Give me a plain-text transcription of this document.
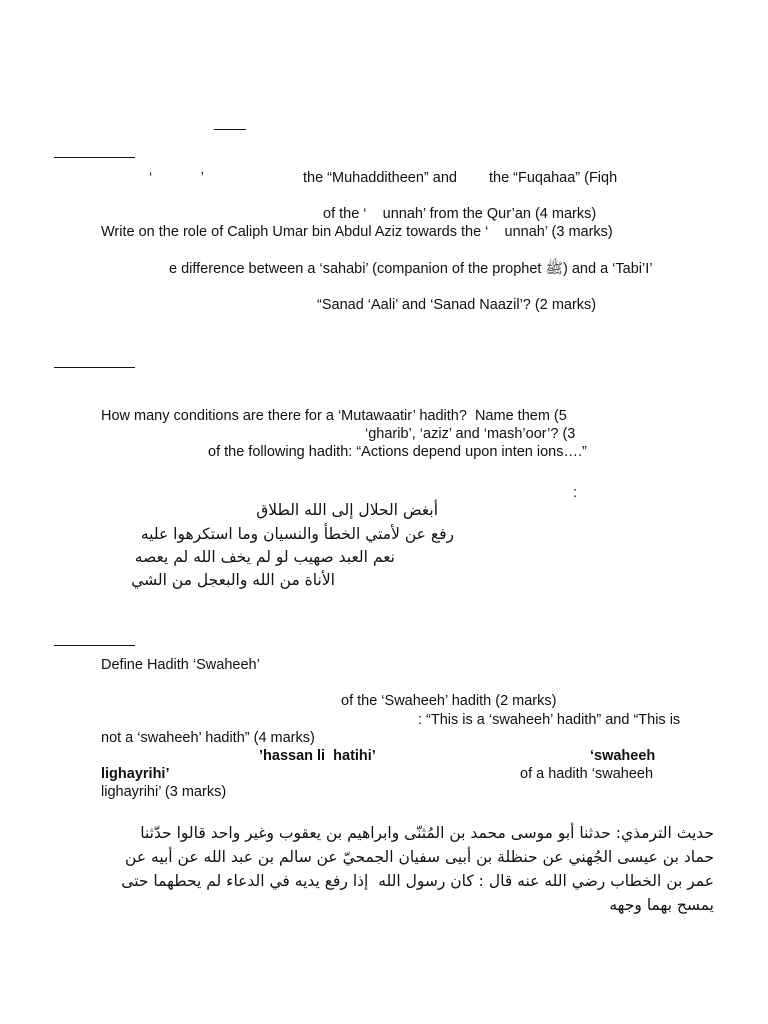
‘            ’	the “Muhadditheen” and the “Fuqahaa” (Fiqh
of the ‘    unnah’ from the Qur’an (4 marks)
Write on the role of Caliph Umar bin Abdul Aziz towards the ‘    unnah’ (3 marks)
e difference between a ‘sahabi’ (companion of the prophet ﷺ) and a ‘Tabi’I’
“Sanad ‘Aali’ and ‘Sanad Naazil’? (2 marks)
How many conditions are there for a ‘Mutawaatir’ hadith?  Name them (5
‘gharib’, ‘aziz’ and ‘mash’oor’? (3
of the following hadith: “Actions depend upon inten ions….”
:
أبغض الحلال إلى الله الطلاق
رفع عن لأمتي الخطأ والنسيان وما استكرهوا عليه
نعم العبد صهيب لو لم يخف الله لم يعصه
الأناة من الله والبعجل من الشي
Define Hadith ‘Swaheeh’
of the ‘Swaheeh’ hadith (2 marks)
: “This is a ‘swaheeh’ hadith” and “This is
not a ‘swaheeh’ hadith” (4 marks)
’hassan li  hatihi’	‘swaheeh
lighayrihi’	of a hadith ‘swaheeh
lighayrihi’ (3 marks)
حديث الترمذي: حدثنا أبو موسى محمد بن المُثنّى وابراهيم بن يعقوب وغير واحد قالوا حدّثنا
حماد بن عيسى الجُهني عن حنظلة بن أبيى سفيان الجمحيّ عن سالم بن عبد الله عن أبيه عن
عمر بن الخطاب رضي الله عنه قال : كان رسول الله  إذا رفع يديه في الدعاء لم يحطهما حتى
يمسح بهما وجهه
